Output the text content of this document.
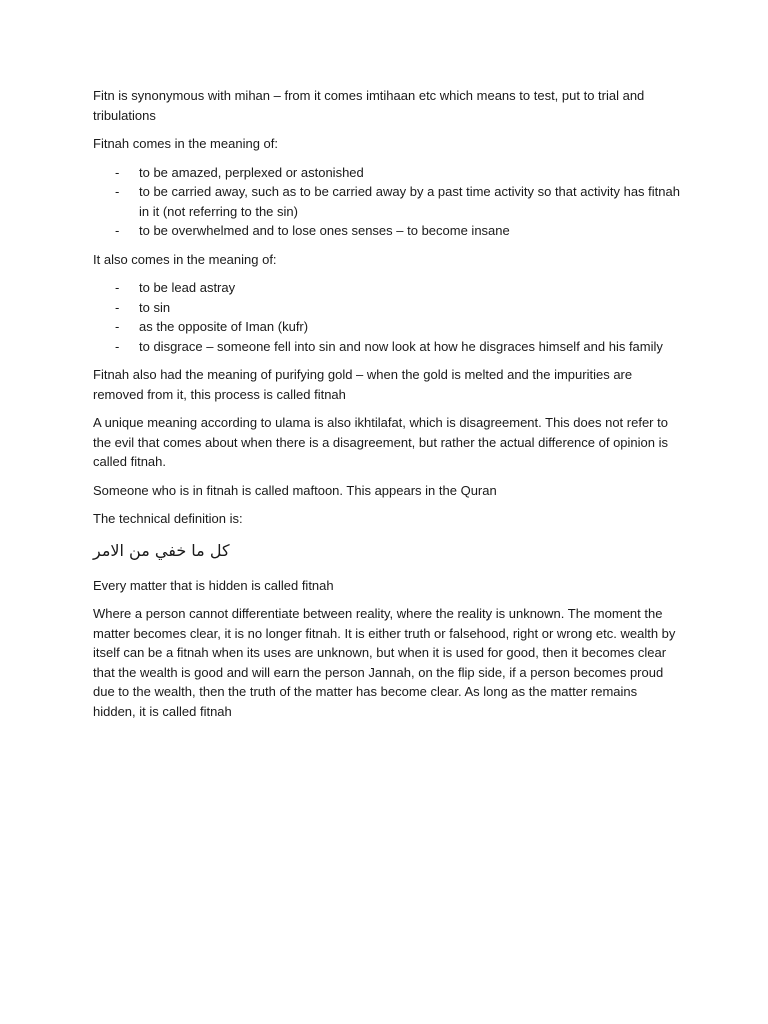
Fitn is synonymous with mihan – from it comes imtihaan etc which means to test, put to trial and tribulations

Fitnah comes in the meaning of:

- to be amazed, perplexed or astonished
- to be carried away, such as to be carried away by a past time activity so that activity has fitnah in it (not referring to the sin)
- to be overwhelmed and to lose ones senses – to become insane

It also comes in the meaning of:

- to be lead astray
- to sin
- as the opposite of Iman (kufr)
- to disgrace – someone fell into sin and now look at how he disgraces himself and his family

Fitnah also had the meaning of purifying gold – when the gold is melted and the impurities are removed from it, this process is called fitnah

A unique meaning according to ulama is also ikhtilafat, which is disagreement. This does not refer to the evil that comes about when there is a disagreement, but rather the actual difference of opinion is called fitnah.

Someone who is in fitnah is called maftoon. This appears in the Quran

The technical definition is:

كل ما خفي من الامر

Every matter that is hidden is called fitnah

Where a person cannot differentiate between reality, where the reality is unknown. The moment the matter becomes clear, it is no longer fitnah. It is either truth or falsehood, right or wrong etc. wealth by itself can be a fitnah when its uses are unknown, but when it is used for good, then it becomes clear that the wealth is good and will earn the person Jannah, on the flip side, if a person becomes proud due to the wealth, then the truth of the matter has become clear. As long as the matter remains hidden, it is called fitnah
